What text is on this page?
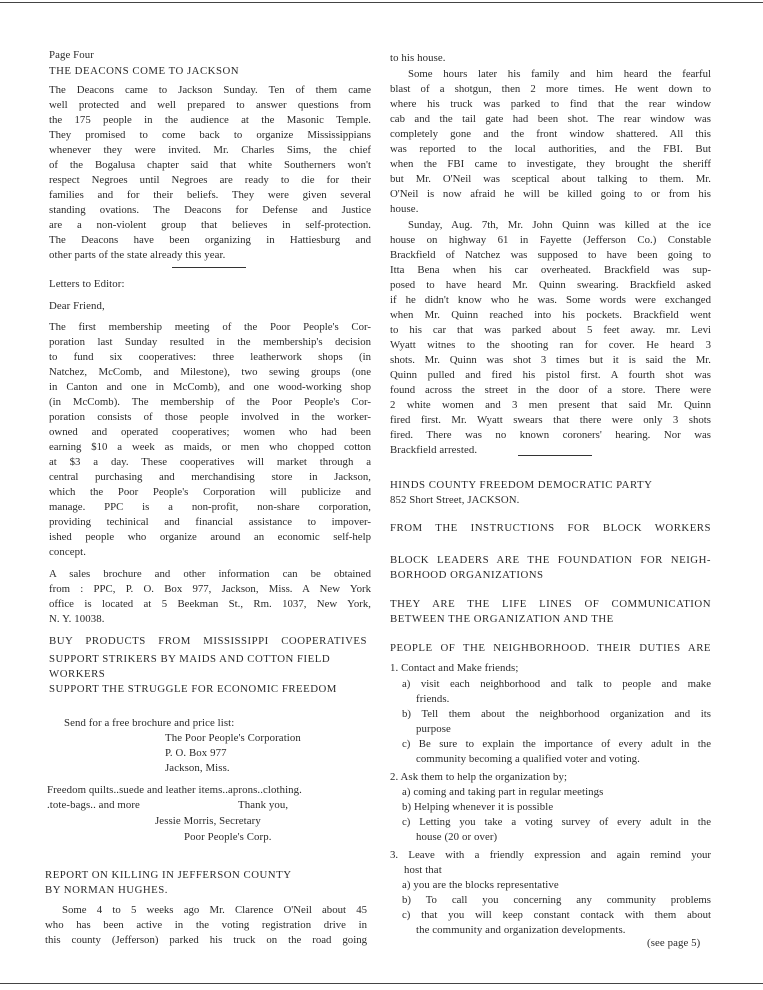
Page Four
THE DEACONS COME TO JACKSON
The Deacons came to Jackson Sunday. Ten of them came
well protected and well prepared to answer questions from
the 175 people in the audience at the Masonic Temple.
They promised to come back to organize Mississippians
whenever they were invited. Mr. Charles Sims, the chief
of the Bogalusa chapter said that white Southerners won't
respect Negroes until Negroes are ready to die for their
families and for their beliefs. They were given several
standing ovations. The Deacons for Defense and Justice
are a non-violent group that believes in self-protection.
The Deacons have been organizing in Hattiesburg and
other parts of the state already this year.
Letters to Editor:
Dear Friend,
The first membership meeting of the Poor People's Cor-
poration last Sunday resulted in the membership's decision
to fund six cooperatives: three leatherwork shops (in
Natchez, McComb, and Milestone), two sewing groups (one
in Canton and one in McComb), and one wood-working shop
(in McComb). The membership of the Poor People's Cor-
poration consists of those people involved in the worker-
owned and operated cooperatives; women who had been
earning $10 a week as maids, or men who chopped cotton
at $3 a day. These cooperatives will market through a
central purchasing and merchandising store in Jackson,
which the Poor People's Corporation will publicize and
manage. PPC is a non-profit, non-share corporation,
providing techinical and financial assistance to impover-
ished people who organize around an economic self-help
concept.
A sales brochure and other information can be obtained
from : PPC, P. O. Box 977, Jackson, Miss. A New York
office is located at 5 Beekman St., Rm. 1037, New York,
N. Y. 10038.
BUY PRODUCTS FROM MISSISSIPPI COOPERATIVES
SUPPORT STRIKERS BY MAIDS AND COTTON FIELD
WORKERS
SUPPORT THE STRUGGLE FOR ECONOMIC FREEDOM
Send for a free brochure and price list:
The Poor People's Corporation
P. O. Box 977
Jackson, Miss.
Freedom quilts..suede and leather items..aprons..clothing.
.tote-bags.. and more	Thank you,
Jessie Morris, Secretary
Poor People's Corp.
REPORT ON KILLING IN JEFFERSON COUNTY
BY NORMAN HUGHES.
Some 4 to 5 weeks ago Mr. Clarence O'Neil about 45
who has been active in the voting registration drive in
this county (Jefferson) parked his truck on the road going
to his house.
Some hours later his family and him heard the fearful
blast of a shotgun, then 2 more times. He went down to
where his truck was parked to find that the rear window
cab and the tail gate had been shot. The rear window was
completely gone and the front window shattered. All this
was reported to the local authorities, and the FBI. But
when the FBI came to investigate, they brought the sheriff
but Mr. O'Neil was sceptical about talking to them. Mr.
O'Neil is now afraid he will be killed going to or from his
house.
Sunday, Aug. 7th, Mr. John Quinn was killed at the ice
house on highway 61 in Fayette (Jefferson Co.) Constable
Brackfield of Natchez was supposed to have been going to
Itta Bena when his car overheated. Brackfield was sup-
posed to have heard Mr. Quinn swearing. Brackfield asked
if he didn't know who he was. Some words were exchanged
when Mr. Quinn reached into his pockets. Brackfield went
to his car that was parked about 5 feet away. mr. Levi
Wyatt witnes to the shooting ran for cover. He heard 3
shots. Mr. Quinn was shot 3 times but it is said the Mr.
Quinn pulled and fired his pistol first. A fourth shot was
found across the street in the door of a store. There were
2 white women and 3 men present that said Mr. Quinn
fired first. Mr. Wyatt swears that there were only 3 shots
fired. There was no known coroners' hearing. Nor was
Brackfield arrested.
HINDS COUNTY FREEDOM DEMOCRATIC PARTY
852 Short Street, JACKSON.
FROM THE INSTRUCTIONS FOR BLOCK WORKERS
BLOCK LEADERS ARE THE FOUNDATION FOR NEIGH-
BORHOOD ORGANIZATIONS
THEY ARE THE LIFE LINES OF COMMUNICATION
BETWEEN THE ORGANIZATION AND THE
PEOPLE OF THE NEIGHBORHOOD. THEIR DUTIES ARE
1. Contact and Make friends;
a) visit each neighborhood and talk to people and make
friends.
b) Tell them about the neighborhood organization and its
purpose
c) Be sure to explain the importance of every adult in the
community becoming a qualified voter and voting.
2. Ask them to help the organization by;
a) coming and taking part in regular meetings
b) Helping whenever it is possible
c) Letting you take a voting survey of every adult in the
house (20 or over)
3. Leave with a friendly expression and again remind your
host that
a) you are the blocks representative
b) To call you concerning any community problems
c) that you will keep constant contack with them about
the community and organization developments.
(see page 5)
